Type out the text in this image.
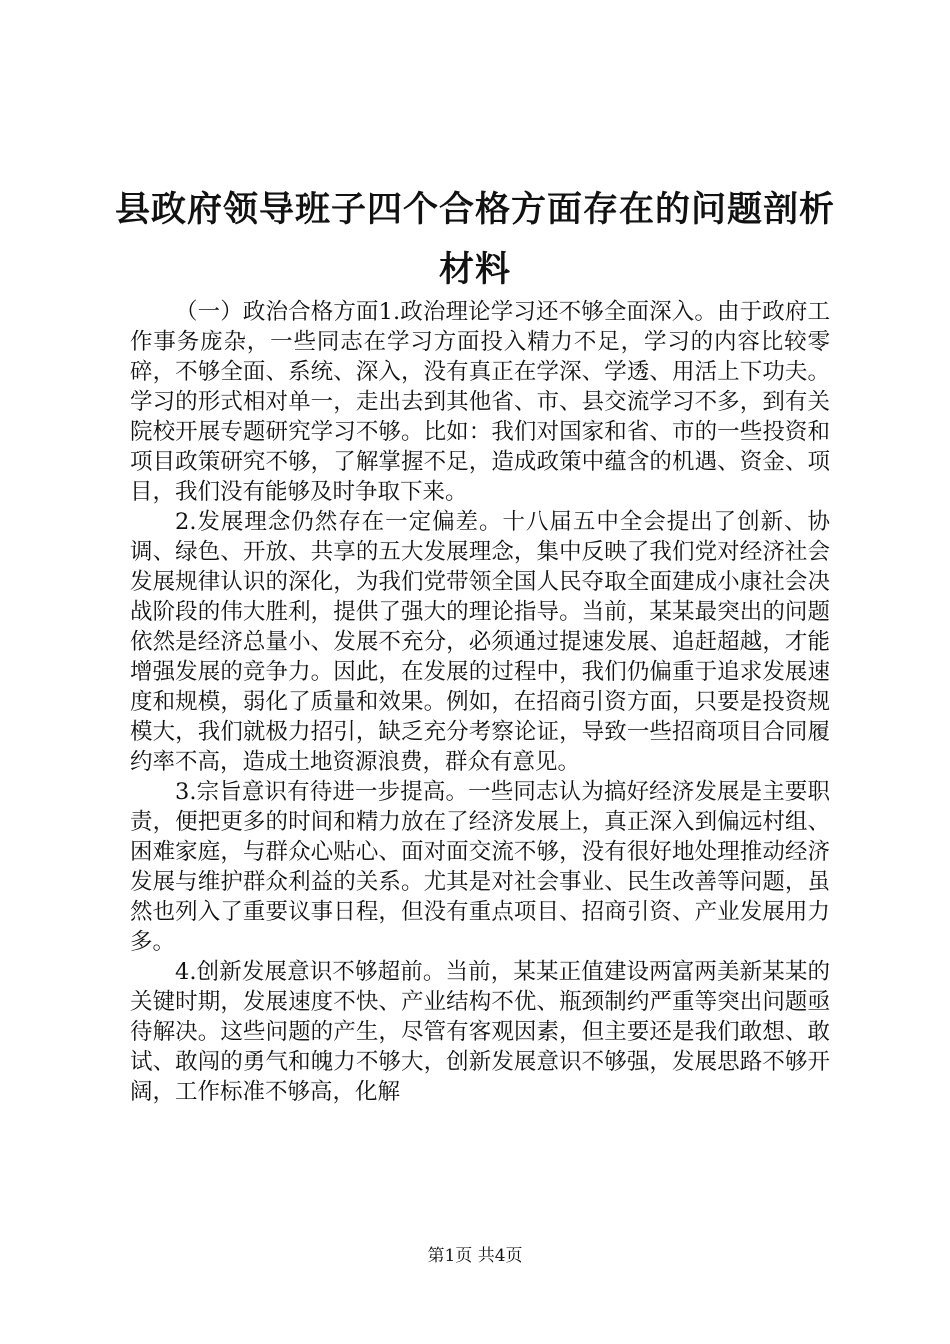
县政府领导班子四个合格方面存在的问题剖析材料

（一）政治合格方面1.政治理论学习还不够全面深入。由于政府工作事务庞杂，一些同志在学习方面投入精力不足，学习的内容比较零碎，不够全面、系统、深入，没有真正在学深、学透、用活上下功夫。学习的形式相对单一，走出去到其他省、市、县交流学习不多，到有关院校开展专题研究学习不够。比如：我们对国家和省、市的一些投资和项目政策研究不够，了解掌握不足，造成政策中蕴含的机遇、资金、项目，我们没有能够及时争取下来。

2.发展理念仍然存在一定偏差。十八届五中全会提出了创新、协调、绿色、开放、共享的五大发展理念，集中反映了我们党对经济社会发展规律认识的深化，为我们党带领全国人民夺取全面建成小康社会决战阶段的伟大胜利，提供了强大的理论指导。当前，某某最突出的问题依然是经济总量小、发展不充分，必须通过提速发展、追赶超越，才能增强发展的竞争力。因此，在发展的过程中，我们仍偏重于追求发展速度和规模，弱化了质量和效果。例如，在招商引资方面，只要是投资规模大，我们就极力招引，缺乏充分考察论证，导致一些招商项目合同履约率不高，造成土地资源浪费，群众有意见。

3.宗旨意识有待进一步提高。一些同志认为搞好经济发展是主要职责，便把更多的时间和精力放在了经济发展上，真正深入到偏远村组、困难家庭，与群众心贴心、面对面交流不够，没有很好地处理推动经济发展与维护群众利益的关系。尤其是对社会事业、民生改善等问题，虽然也列入了重要议事日程，但没有重点项目、招商引资、产业发展用力多。

4.创新发展意识不够超前。当前，某某正值建设两富两美新某某的关键时期，发展速度不快、产业结构不优、瓶颈制约严重等突出问题亟待解决。这些问题的产生，尽管有客观因素，但主要还是我们敢想、敢试、敢闯的勇气和魄力不够大，创新发展意识不够强，发展思路不够开阔，工作标准不够高，化解

第1页 共4页
